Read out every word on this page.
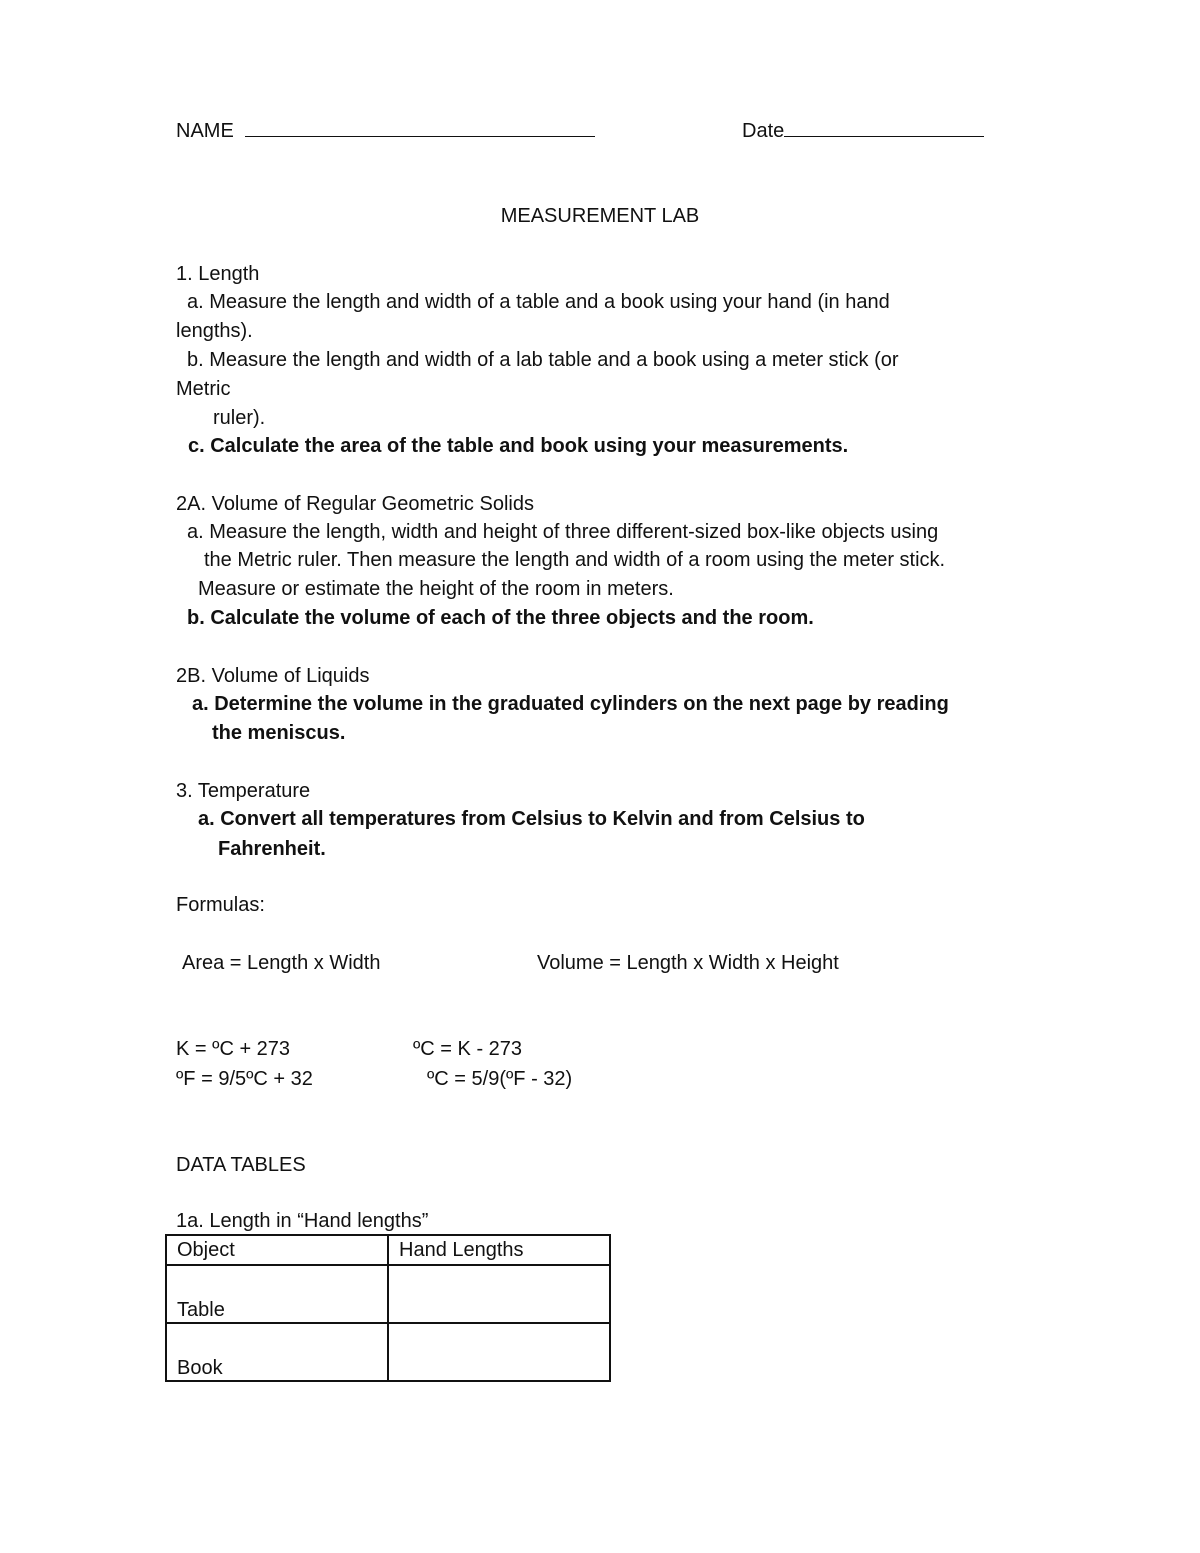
NAME	Date
MEASUREMENT LAB
1. Length
a. Measure the length and width of a table and a book using your hand (in hand
lengths).
b. Measure the length and width of a lab table and a book using a meter stick (or
Metric
ruler).
c. Calculate the area of the table and book using your measurements.
2A. Volume of Regular Geometric Solids
a. Measure the length, width and height of three different-sized box-like objects using
the Metric ruler. Then measure the length and width of a room using the meter stick.
Measure or estimate the height of the room in meters.
b. Calculate the volume of each of the three objects and the room.
2B. Volume of Liquids
a. Determine the volume in the graduated cylinders on the next page by reading
the meniscus.
3. Temperature
a. Convert all temperatures from Celsius to Kelvin and from Celsius to
Fahrenheit.
Formulas:
Area = Length x Width	Volume = Length x Width x Height
K = ºC + 273	ºC = K - 273
ºF = 9/5ºC + 32	ºC = 5/9(ºF - 32)
DATA TABLES
1a. Length in “Hand lengths”
Object	Hand Lengths
Table	
Book	
